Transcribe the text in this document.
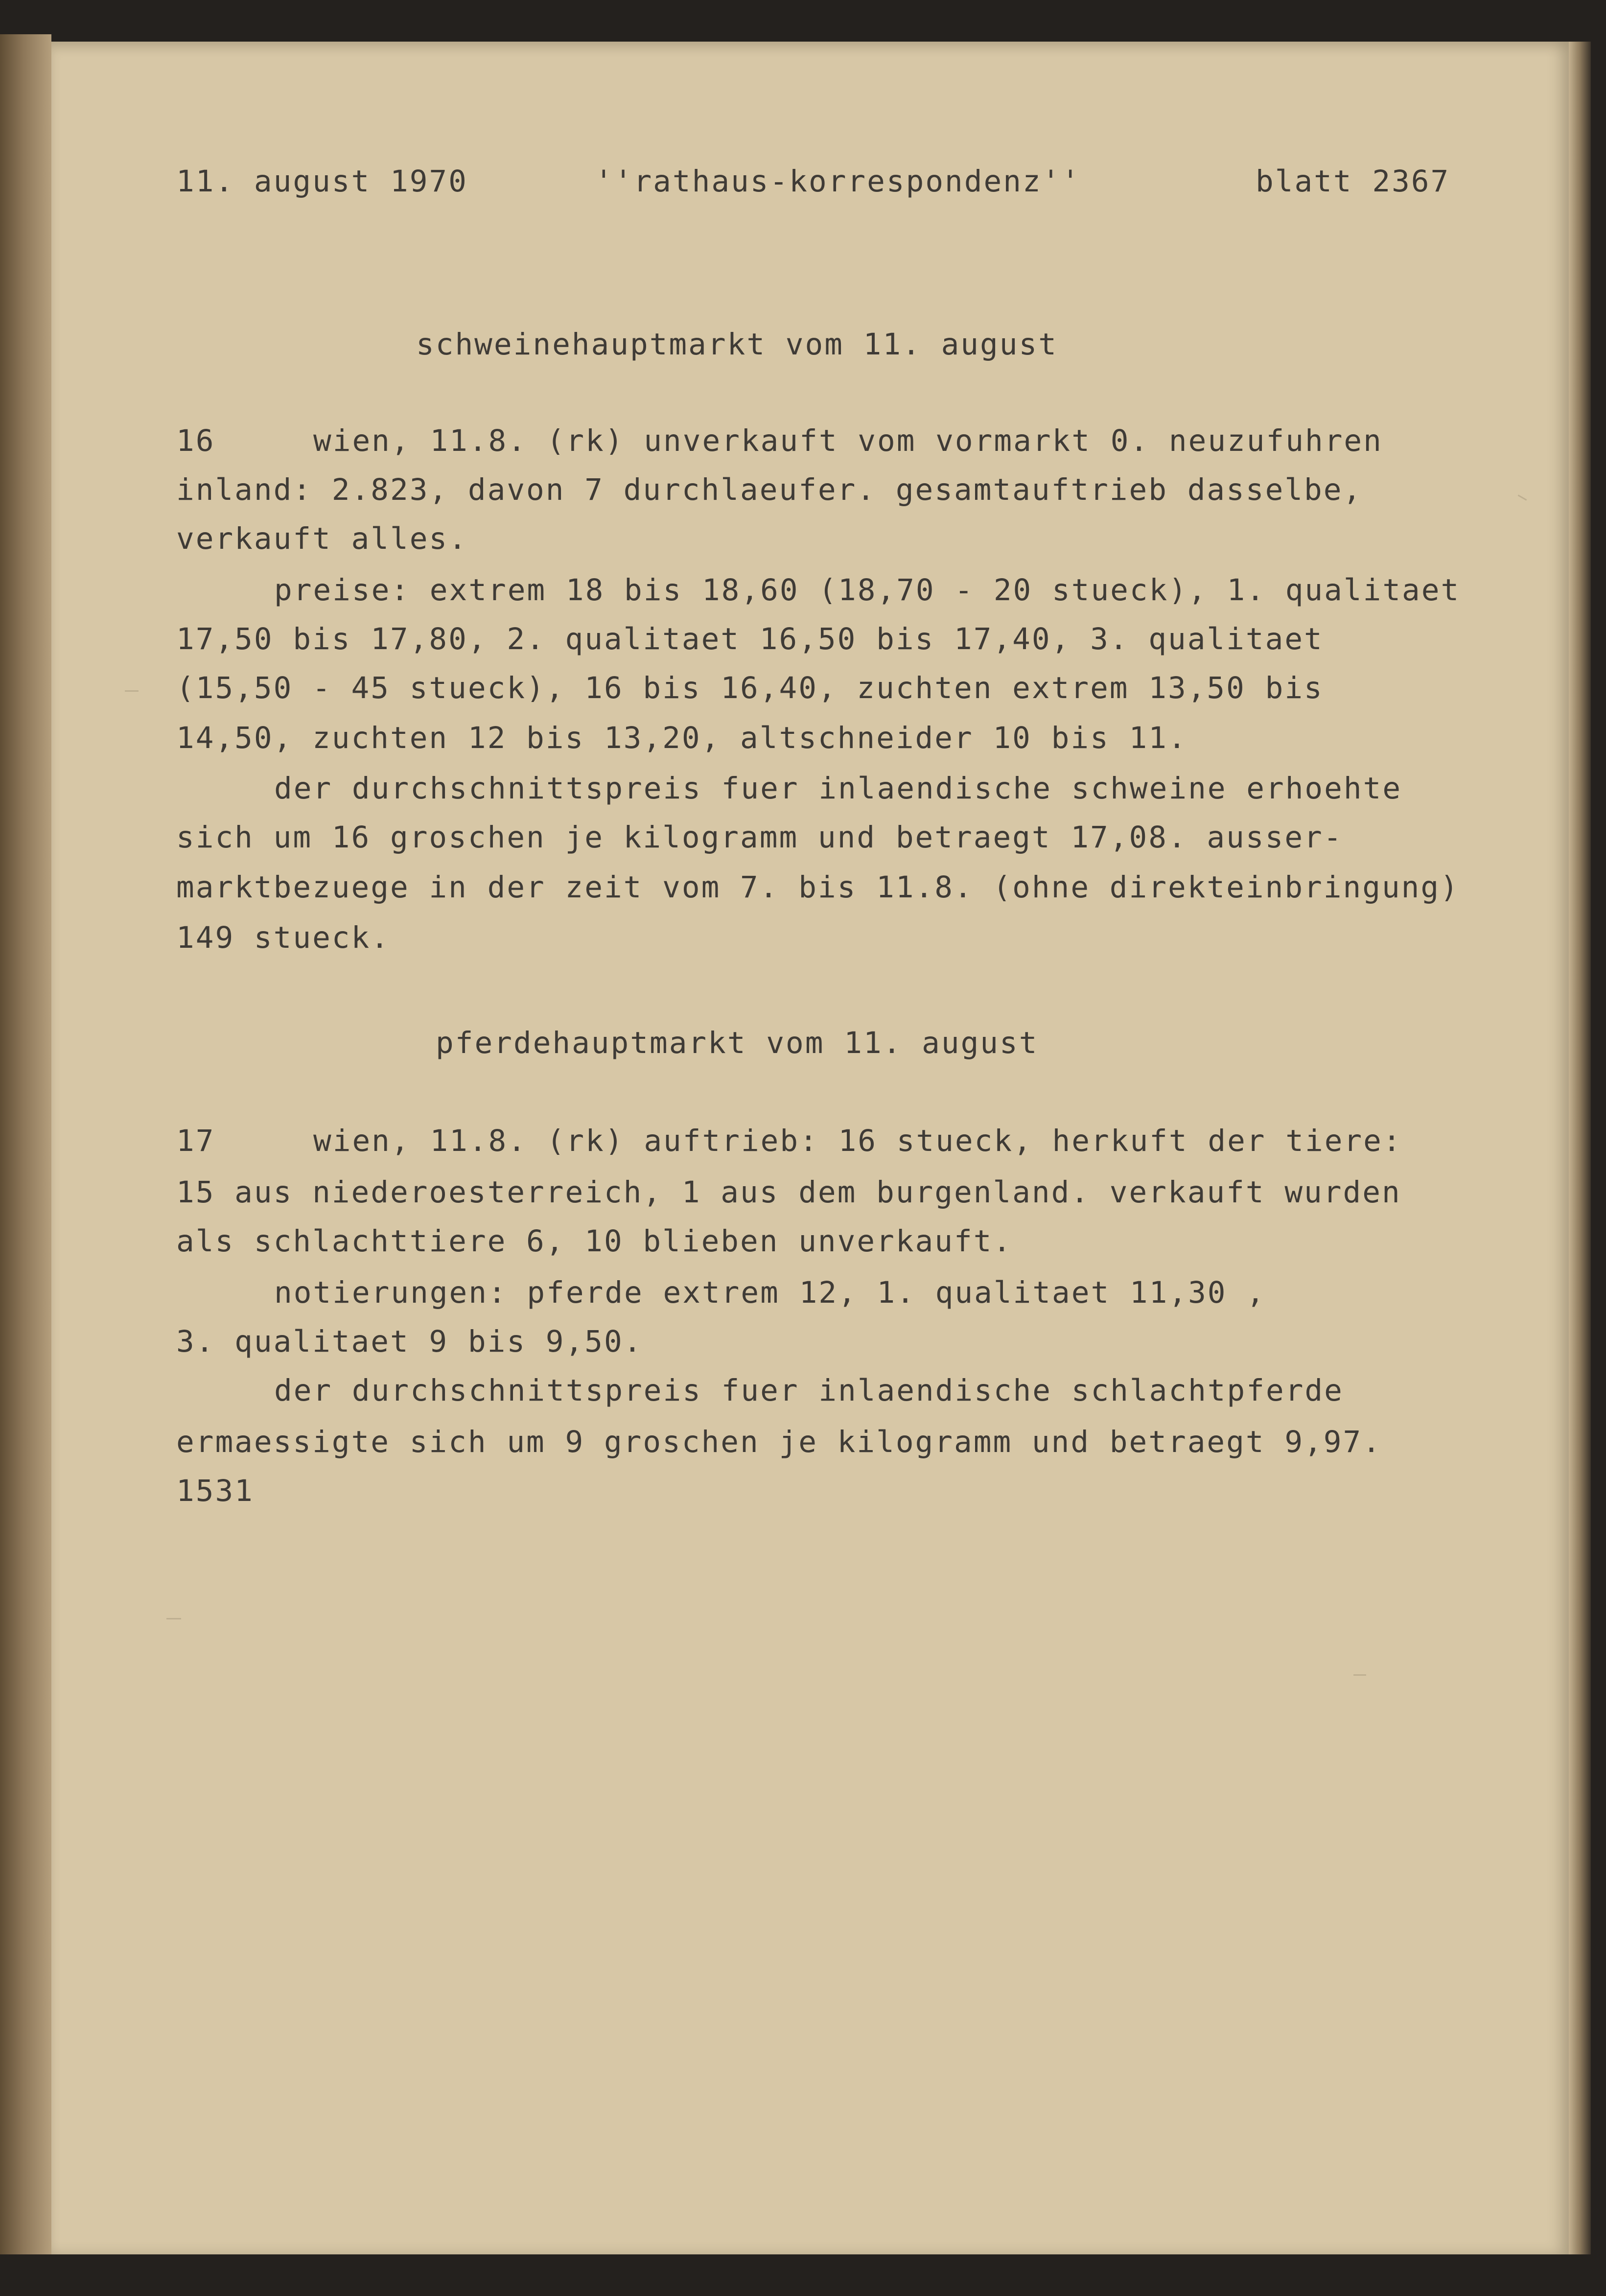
11. august 1970	''rathaus-korrespondenz''	blatt 2367
schweinehauptmarkt vom 11. august
16	wien, 11.8. (rk) unverkauft vom vormarkt 0. neuzufuhren
inland: 2.823, davon 7 durchlaeufer. gesamtauftrieb dasselbe,
verkauft alles.
preise: extrem 18 bis 18,60 (18,70 - 20 stueck), 1. qualitaet
17,50 bis 17,80, 2. qualitaet 16,50 bis 17,40, 3. qualitaet
(15,50 - 45 stueck), 16 bis 16,40, zuchten extrem 13,50 bis
14,50, zuchten 12 bis 13,20, altschneider 10 bis 11.
der durchschnittspreis fuer inlaendische schweine erhoehte
sich um 16 groschen je kilogramm und betraegt 17,08. ausser-
marktbezuege in der zeit vom 7. bis 11.8. (ohne direkteinbringung)
149 stueck.
pferdehauptmarkt vom 11. august
17	wien, 11.8. (rk) auftrieb: 16 stueck, herkuft der tiere:
15 aus niederoesterreich, 1 aus dem burgenland. verkauft wurden
als schlachttiere 6, 10 blieben unverkauft.
notierungen: pferde extrem 12, 1. qualitaet 11,30 ,
3. qualitaet 9 bis 9,50.
der durchschnittspreis fuer inlaendische schlachtpferde
ermaessigte sich um 9 groschen je kilogramm und betraegt 9,97.
1531
